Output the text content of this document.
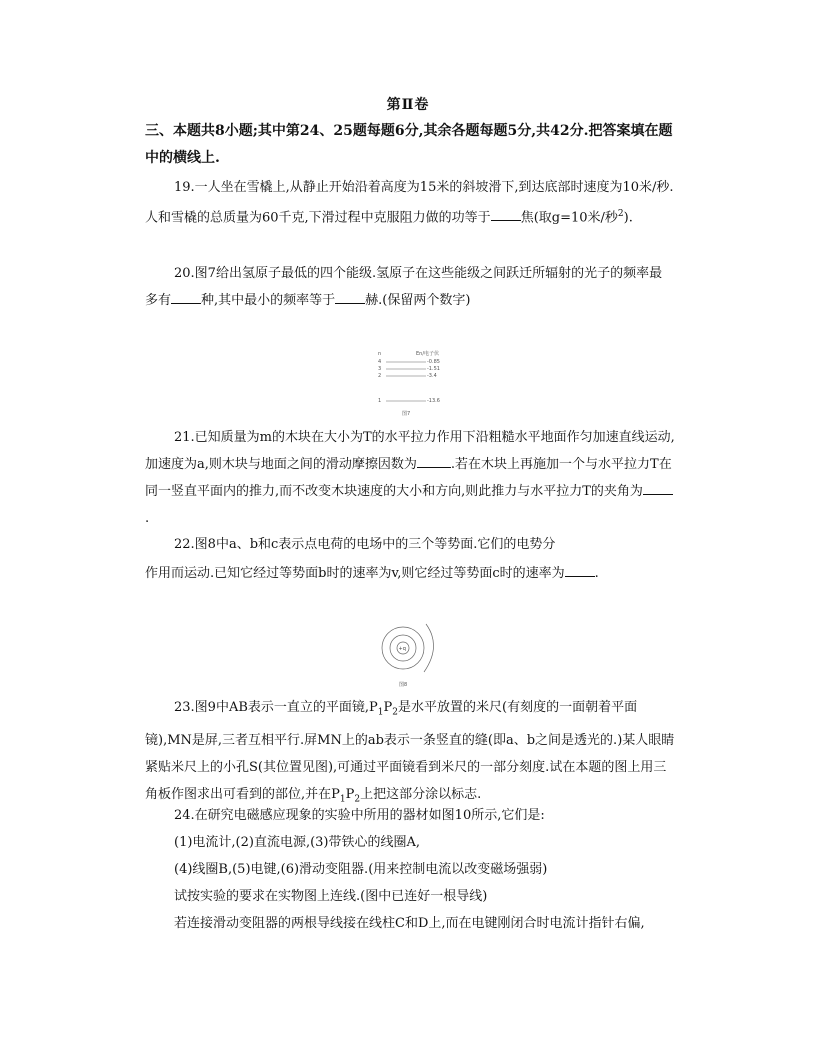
第Ⅱ卷
三、本题共8小题;其中第24、25题每题6分,其余各题每题5分,共42分.把答案填在题中的横线上.
19.一人坐在雪橇上,从静止开始沿着高度为15米的斜坡滑下,到达底部时速度为10米/秒.人和雪橇的总质量为60千克,下滑过程中克服阻力做的功等于 焦(取g=10米/秒$^2$).
20.图7给出氢原子最低的四个能级.氢原子在这些能级之间跃迁所辐射的光子的频率最多有 种,其中最小的频率等于 赫.(保留两个数字)
n	En/电子伏
4	-0.85
3	-1.51
2	-3.4
1	-13.6
图7
21.已知质量为m的木块在大小为T的水平拉力作用下沿粗糙水平地面作匀加速直线运动,加速度为a,则木块与地面之间的滑动摩擦因数为	.若在木块上再施加一个与水平拉力T在同一竖直平面内的推力,而不改变木块速度的大小和方向,则此推力与水平拉力T的夹角为.
22.图8中a、b和c表示点电荷的电场中的三个等势面.它们的电势分
作用而运动.已知它经过等势面b时的速率为v,则它经过等势面c时的速率为 .
+q
图8
23.图9中AB表示一直立的平面镜$,P_1P_2$是水平放置的米尺(有刻度的一面朝着平面镜),MN是屏,三者互相平行.屏MN上的ab表示一条竖直的缝(即a、b之间是透光的.)某人眼睛紧贴米尺上的小孔S(其位置见图),可通过平面镜看到米尺的一部分刻度.试在本题的图上用三角板作图求出可看到的部位,并在$P_1P_2$上把这部分涂以标志.
24.在研究电磁感应现象的实验中所用的器材如图10所示,它们是:
(1)电流计,(2)直流电源,(3)带铁心的线圈A,
(4)线圈B,(5)电键,(6)滑动变阻器.(用来控制电流以改变磁场强弱)
试按实验的要求在实物图上连线.(图中已连好一根导线)
若连接滑动变阻器的两根导线接在线柱C和D上,而在电键刚闭合时电流计指针右偏,
